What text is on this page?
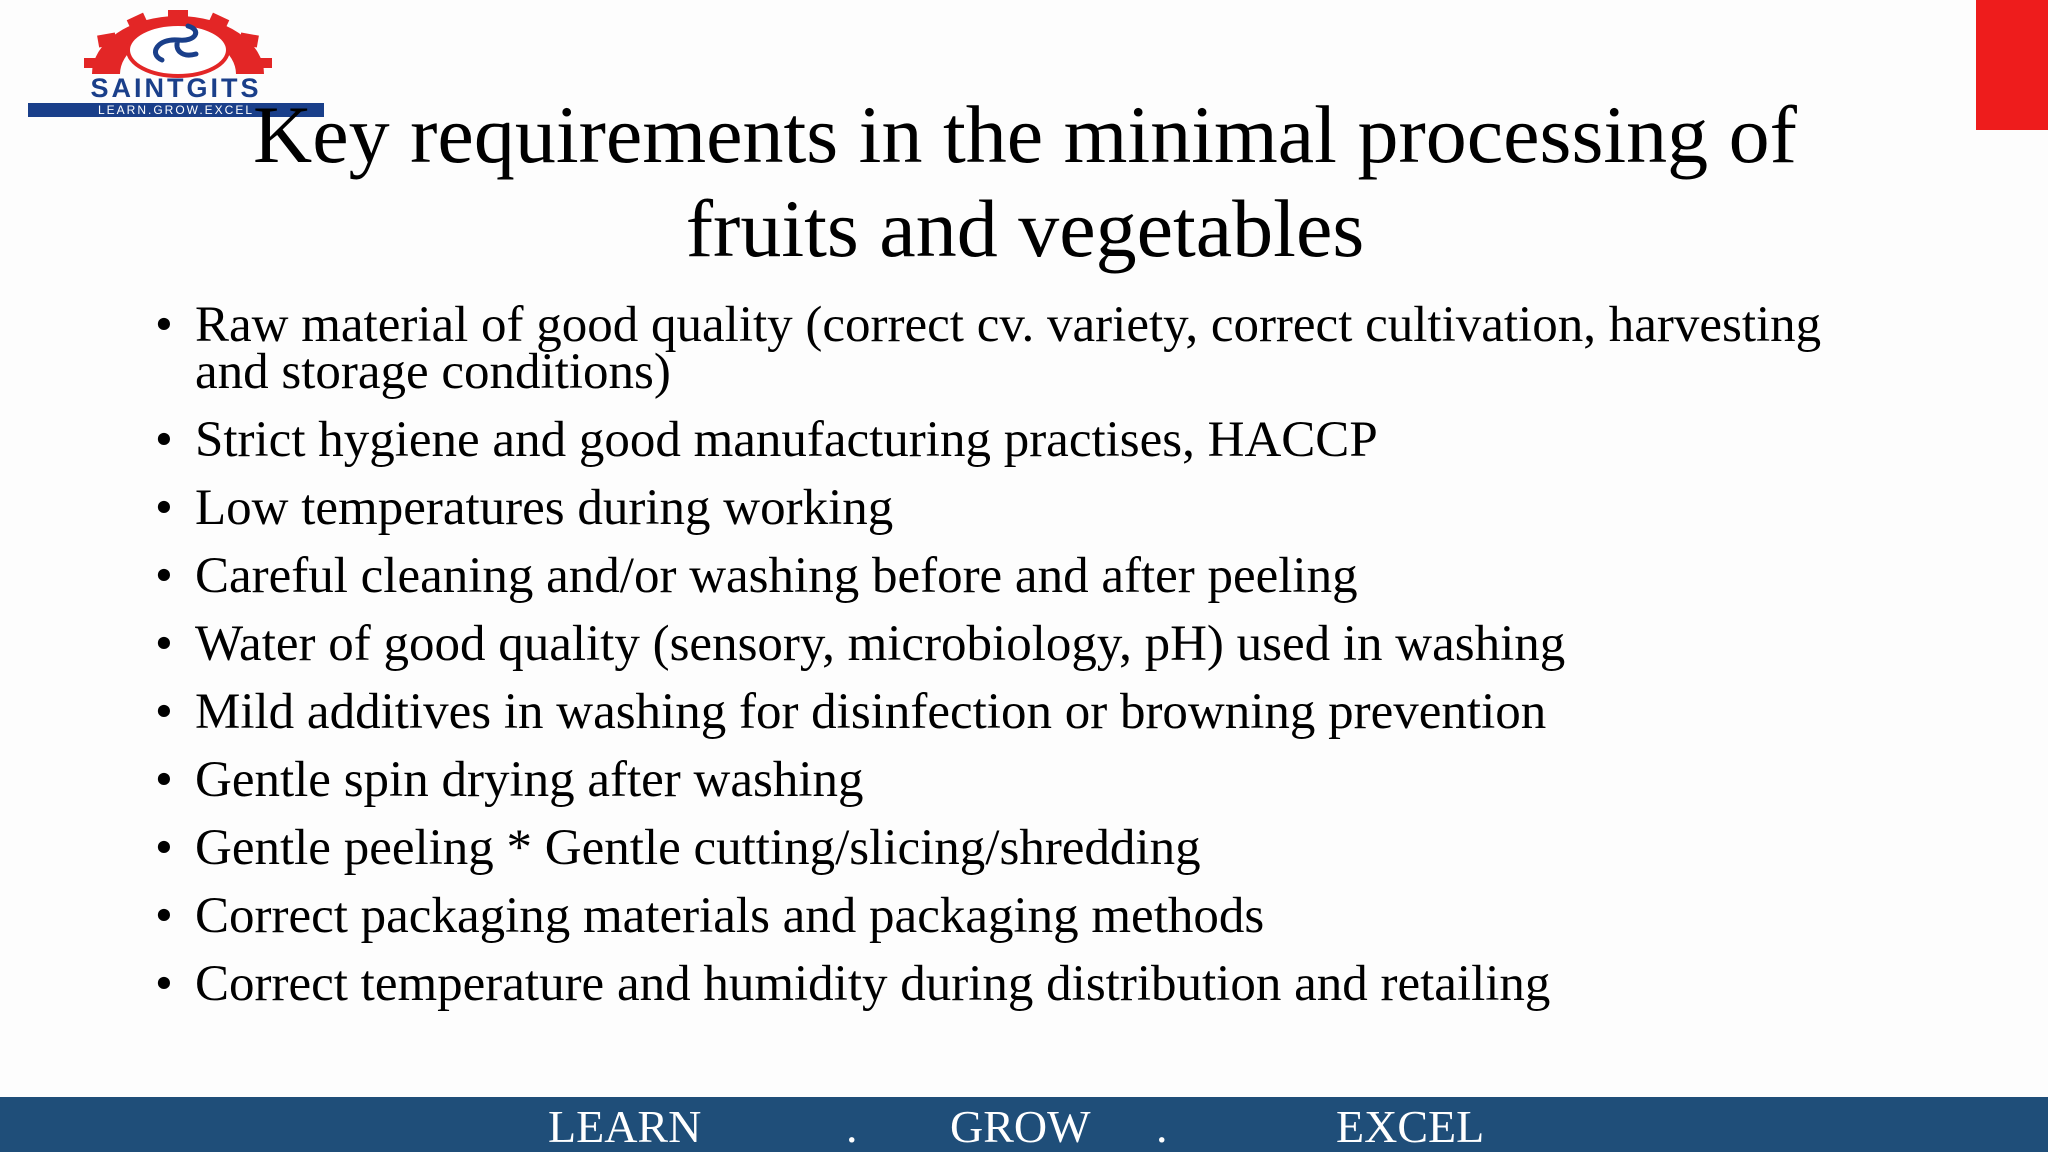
SAINTGITS
LEARN.GROW.EXCEL Key requirements in the minimal processing of
fruits and vegetables
• Raw material of good quality (correct cv. variety, correct cultivation, harvesting and storage conditions)
• Strict hygiene and good manufacturing practises, HACCP
• Low temperatures during working
• Careful cleaning and/or washing before and after peeling
• Water of good quality (sensory, microbiology, pH) used in washing
• Mild additives in washing for disinfection or browning prevention
• Gentle spin drying after washing
• Gentle peeling * Gentle cutting/slicing/shredding
• Correct packaging materials and packaging methods
• Correct temperature and humidity during distribution and retailing
LEARN	. GROW .	EXCEL
